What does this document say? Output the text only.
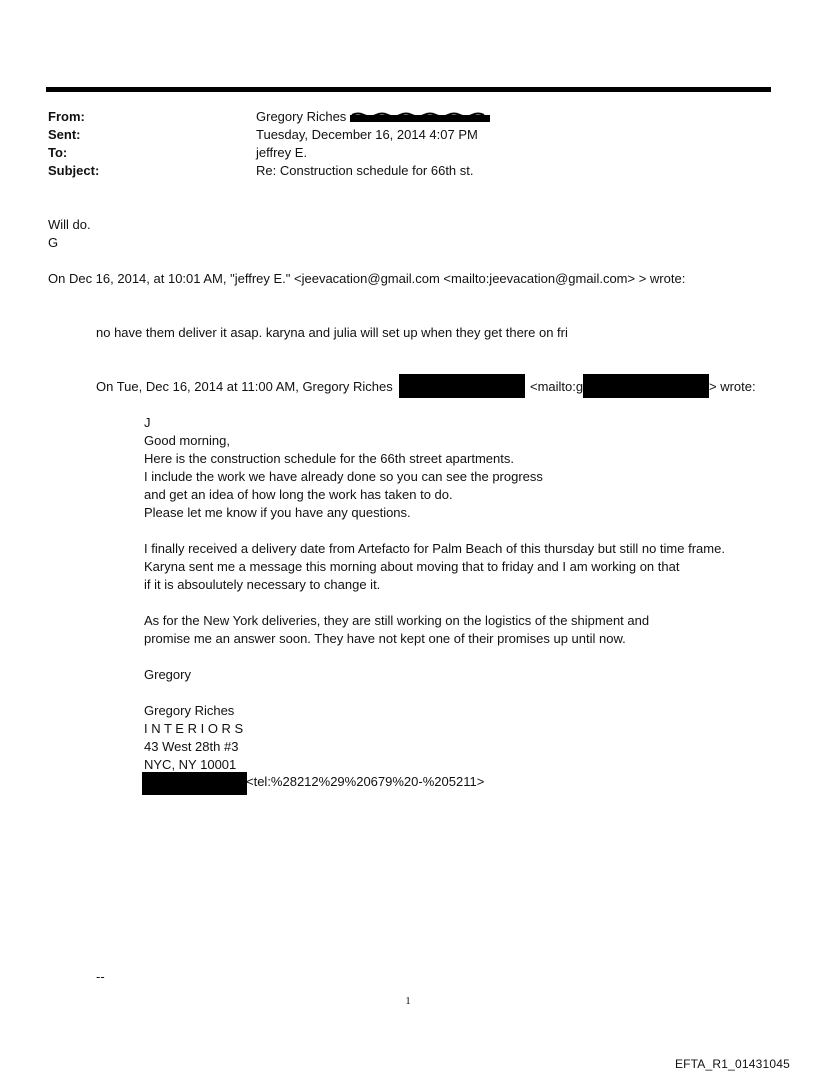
From:	Gregory Riches
Sent:	Tuesday, December 16, 2014 4:07 PM
To:	jeffrey E.
Subject:	Re: Construction schedule for 66th st.
Will do.
G
On Dec 16, 2014, at 10:01 AM, "jeffrey E." <jeevacation@gmail.com <mailto:jeevacation@gmail.com> > wrote:
no have them deliver it asap. karyna and julia will set up when they get there on fri
On Tue, Dec 16, 2014 at 11:00 AM, Gregory Riches	<mailto:g	> wrote:
J
Good morning,
Here is the construction schedule for the 66th street apartments.
I include the work we have already done so you can see the progress
and get an idea of how long the work has taken to do.
Please let me know if you have any questions.
I finally received a delivery date from Artefacto for Palm Beach of this thursday but still no time frame.
Karyna sent me a message this morning about moving that to friday and I am working on that
if it is absoulutely necessary to change it.
As for the New York deliveries, they are still working on the logistics of the shipment and
promise me an answer soon. They have not kept one of their promises up until now.
Gregory
Gregory Riches
I N T E R I O R S
43 West 28th #3
NYC, NY 10001
<tel:%28212%29%20679%20-%205211>
--
1
EFTA_R1_01431045
